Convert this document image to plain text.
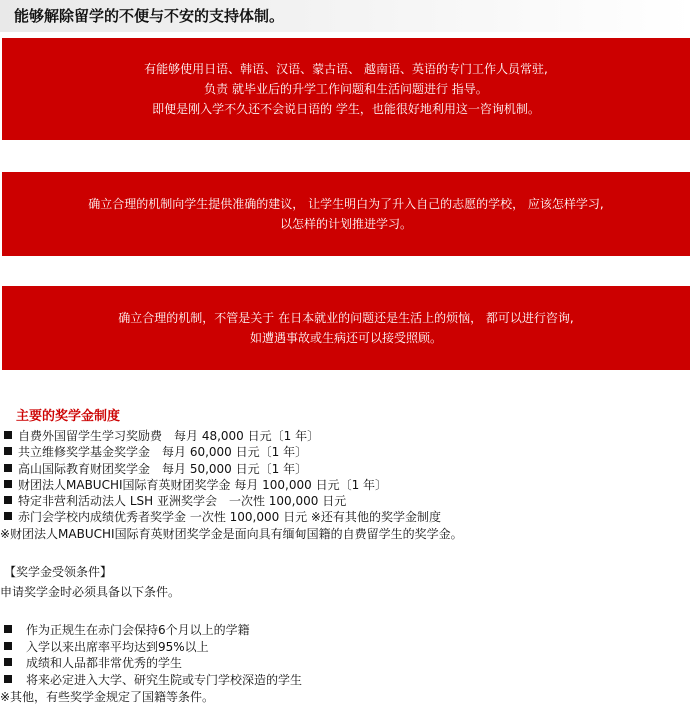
能够解除留学的不便与不安的支持体制。
有能够使用日语、韩语、汉语、蒙古语、 越南语、英语的专门工作人员常驻,
负责 就毕业后的升学工作问题和生活问题进行 指导。
即便是刚入学不久还不会说日语的 学生，也能很好地利用这一咨询机制。
确立合理的机制向学生提供准确的建议， 让学生明白为了升入自己的志愿的学校， 应该怎样学习,
以怎样的计划推进学习。
确立合理的机制，不管是关于 在日本就业的问题还是生活上的烦恼， 都可以进行咨询,
如遭遇事故或生病还可以接受照顾。
主要的奖学金制度
自费外国留学生学习奖励费　每月 48,000 日元〔1 年〕
共立维修奖学基金奖学金　每月 60,000 日元〔1 年〕
高山国际教育财团奖学金　每月 50,000 日元〔1 年〕
财团法人MABUCHI国际育英财团奖学金 每月 100,000 日元〔1 年〕
特定非营利活动法人 LSH 亚洲奖学会　一次性 100,000 日元
赤门会学校内成绩优秀者奖学金 一次性 100,000 日元 ※还有其他的奖学金制度
※财团法人MABUCHI国际育英财团奖学金是面向具有缅甸国籍的自费留学生的奖学金。
【奖学金受领条件】
申请奖学金时必须具备以下条件。
作为正规生在赤门会保持6个月以上的学籍
入学以来出席率平均达到95%以上
成绩和人品都非常优秀的学生
将来必定进入大学、研究生院或专门学校深造的学生
※其他，有些奖学金规定了国籍等条件。
